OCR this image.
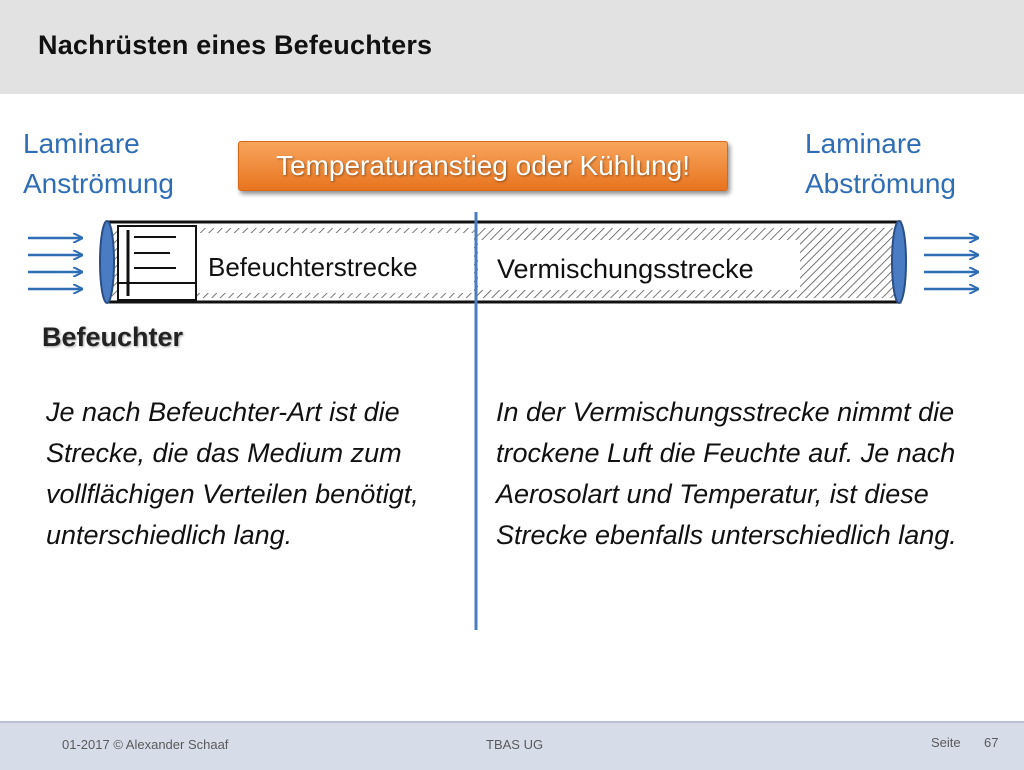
Nachrüsten eines Befeuchters
Laminare
Anströmung
Laminare
Abströmung
Temperaturanstieg oder Kühlung!
Befeuchterstrecke	Vermischungsstrecke
Befeuchter
Je nach Befeuchter-Art ist die Strecke, die das Medium zum vollflächigen Verteilen benötigt, unterschiedlich lang.
In der Vermischungsstrecke nimmt die trockene Luft die Feuchte auf. Je nach Aerosolart und Temperatur, ist diese Strecke ebenfalls unterschiedlich lang.
01-2017 © Alexander Schaaf	TBAS UG	Seite 67
